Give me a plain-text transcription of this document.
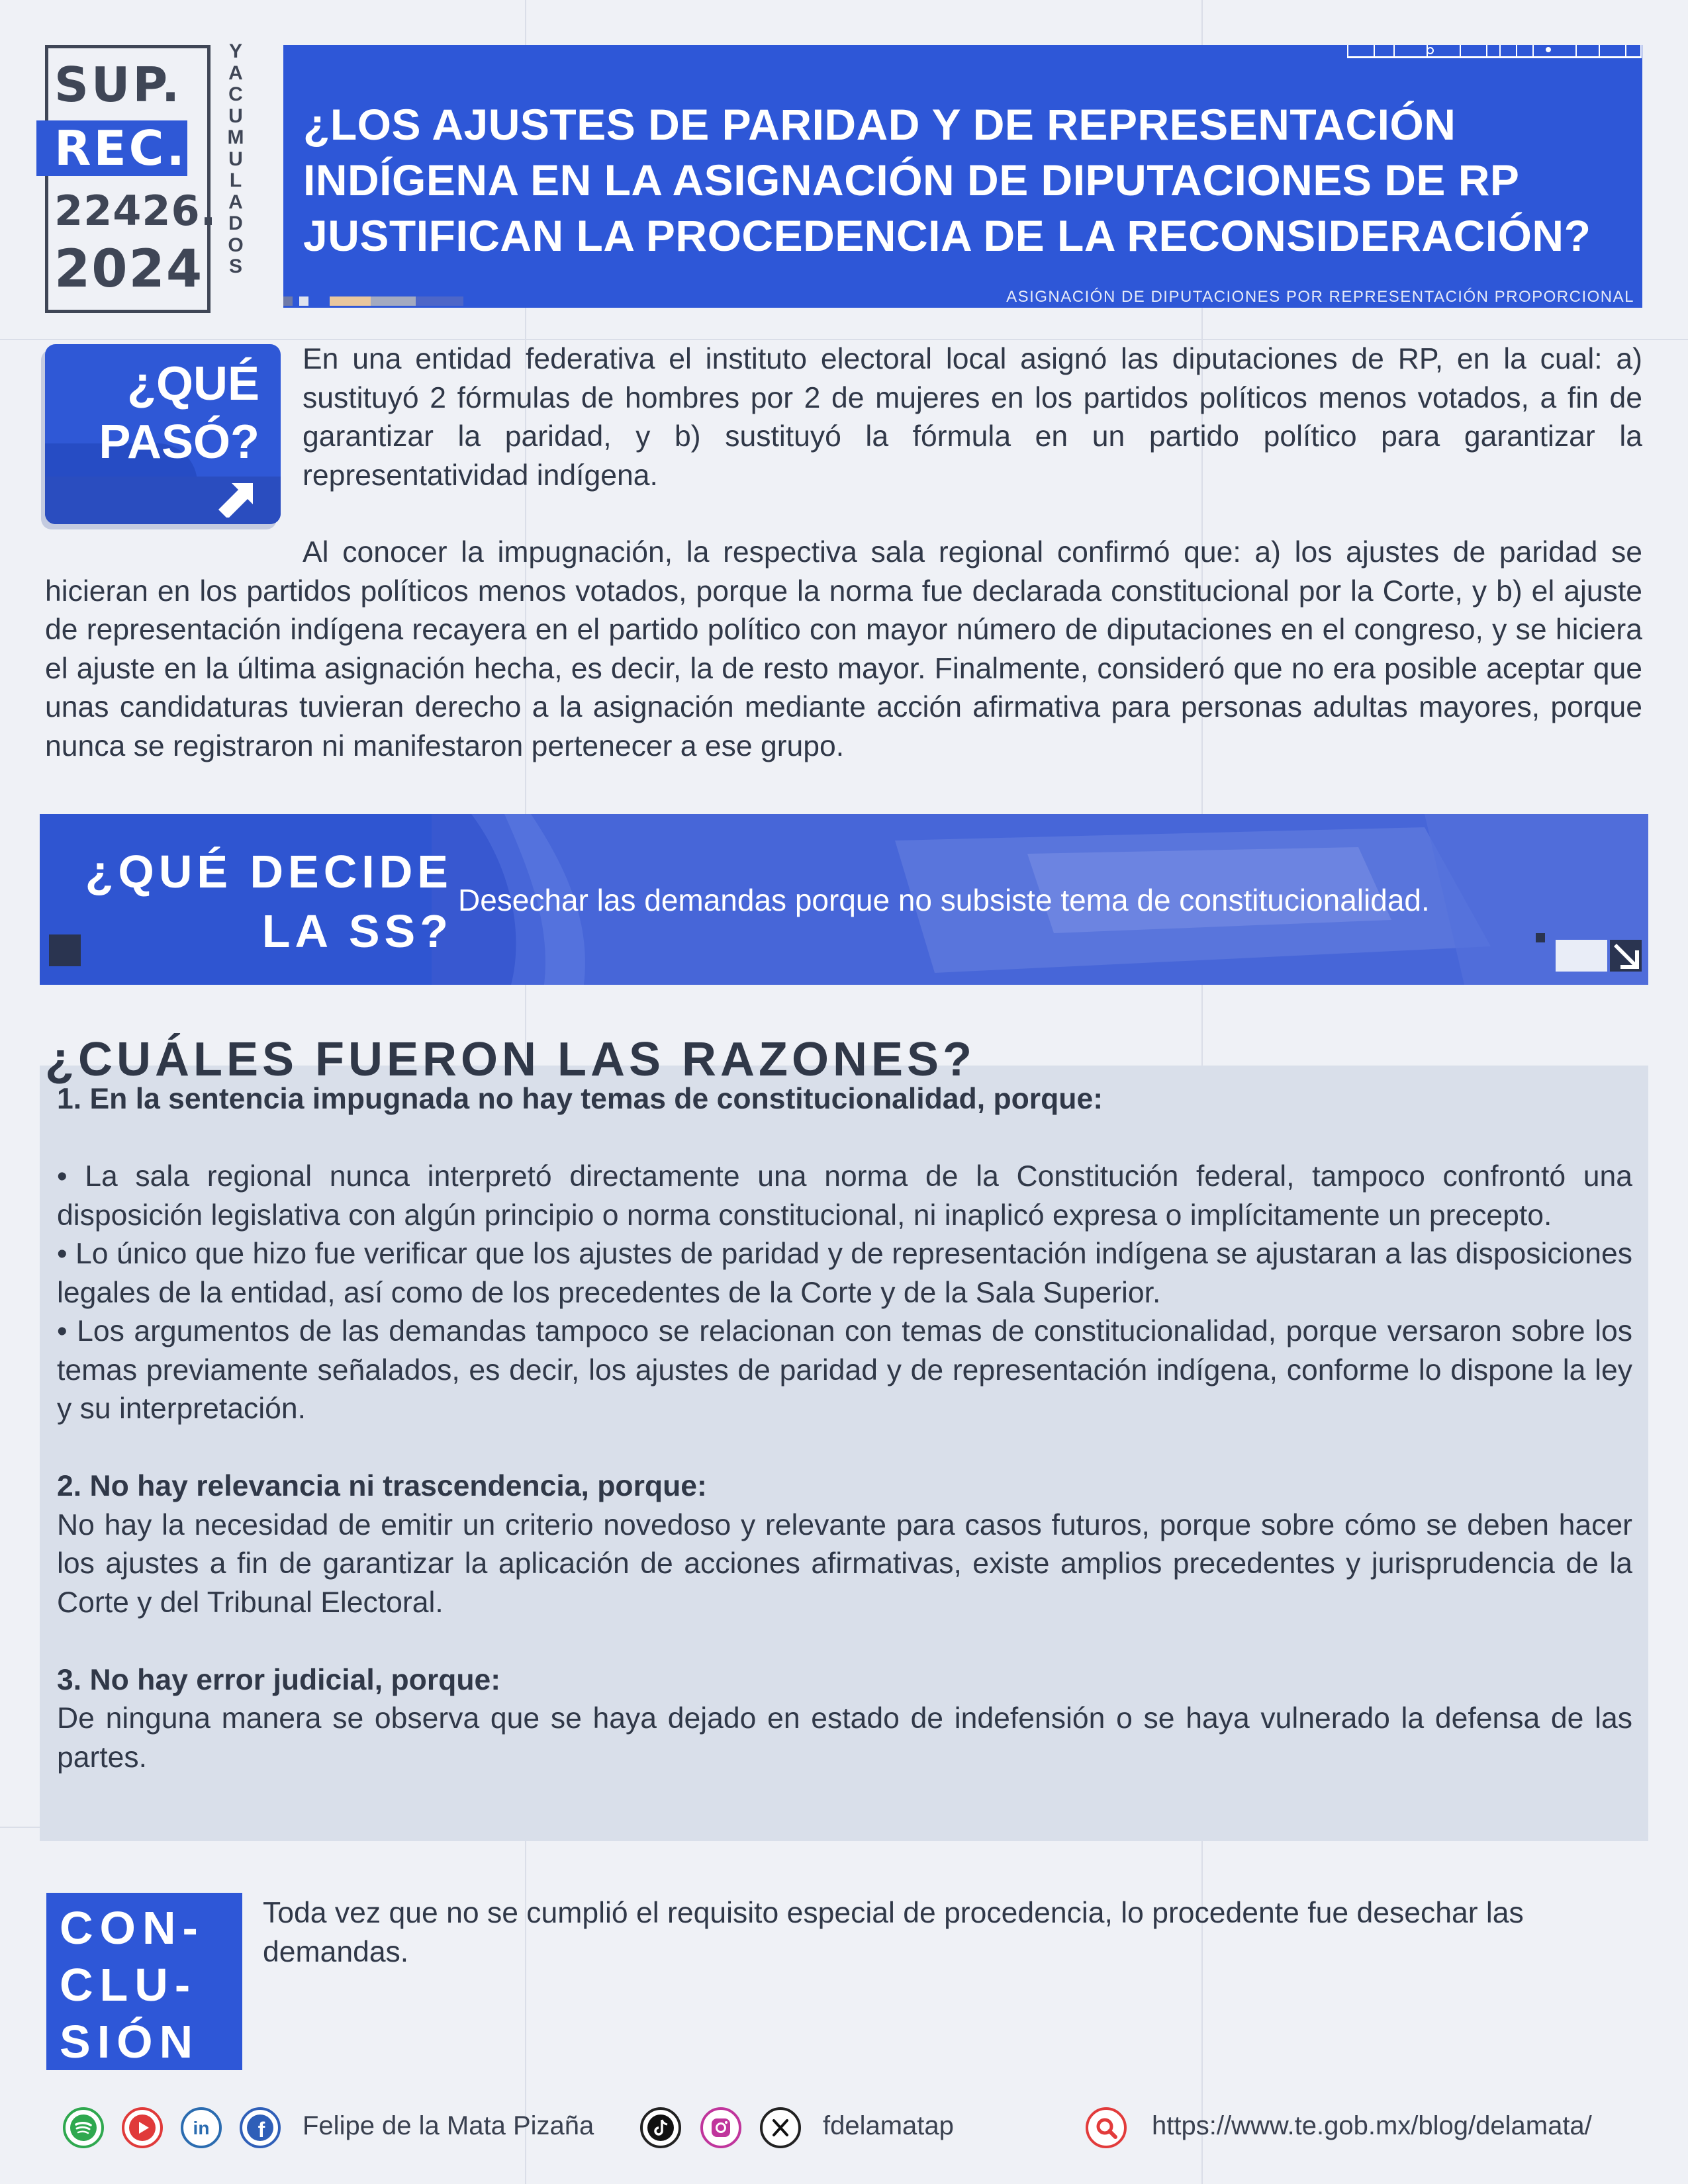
SUP.
REC.
22426.
2024
YACUMULADOS
¿LOS AJUSTES DE PARIDAD Y DE REPRESENTACIÓN INDÍGENA EN LA ASIGNACIÓN DE DIPUTACIONES DE RP JUSTIFICAN LA PROCEDENCIA DE LA RECONSIDERACIÓN?
ASIGNACIÓN DE DIPUTACIONES POR REPRESENTACIÓN PROPORCIONAL
¿QUÉ PASÓ?
En una entidad federativa el instituto electoral local asignó las diputaciones de RP, en la cual: a) sustituyó 2 fórmulas de hombres por 2 de mujeres en los partidos políticos menos votados, a fin de garantizar la paridad, y b) sustituyó la fórmula en un partido político para garantizar la representatividad indígena.
Al conocer la impugnación, la respectiva sala regional confirmó que: a) los ajustes de paridad se hicieran en los partidos políticos menos votados, porque la norma fue declarada constitucional por la Corte, y b) el ajuste de representación indígena recayera en el partido político con mayor número de diputaciones en el congreso, y se hiciera el ajuste en la última asignación hecha, es decir, la de resto mayor. Finalmente, consideró que no era posible aceptar que unas candidaturas tuvieran derecho a la asignación mediante acción afirmativa para personas adultas mayores, porque nunca se registraron ni manifestaron pertenecer a ese grupo.
¿QUÉ DECIDE
LA SS?
Desechar las demandas porque no subsiste tema de constitucionalidad.
¿CUÁLES FUERON LAS RAZONES?
1. En la sentencia impugnada no hay temas de constitucionalidad, porque:
• La sala regional nunca interpretó directamente una norma de la Constitución federal, tampoco confrontó una disposición legislativa con algún principio o norma constitucional, ni inaplicó expresa o implícitamente un precepto.
• Lo único que hizo fue verificar que los ajustes de paridad y de representación indígena se ajustaran a las disposiciones legales de la entidad, así como de los precedentes de la Corte y de la Sala Superior.
• Los argumentos de las demandas tampoco se relacionan con temas de constitucionalidad, porque versaron sobre los temas previamente señalados, es decir, los ajustes de paridad y de representación indígena, conforme lo dispone la ley y su interpretación.
2. No hay relevancia ni trascendencia, porque:
No hay la necesidad de emitir un criterio novedoso y relevante para casos futuros, porque sobre cómo se deben hacer los ajustes a fin de garantizar la aplicación de acciones afirmativas, existe amplios precedentes y jurisprudencia de la Corte y del Tribunal Electoral.
3. No hay error judicial, porque:
De ninguna manera se observa que se haya dejado en estado de indefensión o se haya vulnerado la defensa de las partes.
CON-
CLU-
SIÓN
Toda vez que no se cumplió el requisito especial de procedencia, lo procedente fue desechar las demandas.
in f Felipe de la Mata Pizaña	fdelamatap	https://www.te.gob.mx/blog/delamata/
